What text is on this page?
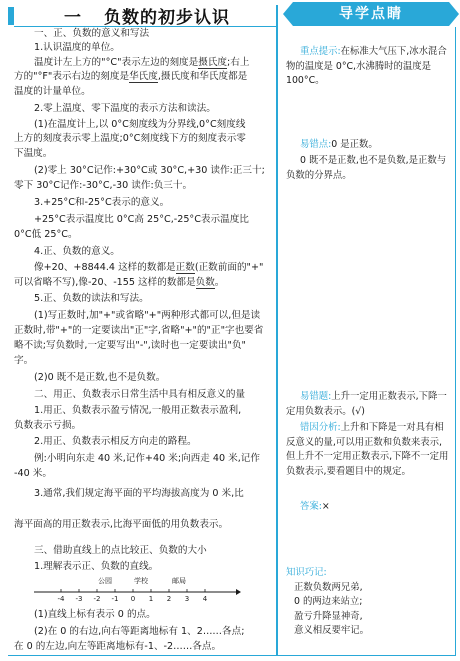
一 负数的初步认识	导学点睛
一、正、负数的意义和写法
1.认识温度的单位。
温度计左上方的"°C"表示左边的刻度是摄氏度;右上
方的"°F"表示右边的刻度是华氏度,摄氏度和华氏度都是
温度的计量单位。
2.零上温度、零下温度的表示方法和读法。
(1)在温度计上,以 0°C刻度线为分界线,0°C刻度线
上方的刻度表示零上温度;0°C刻度线下方的刻度表示零
下温度。
(2)零上 30°C记作:+30°C或 30°C,+30 读作:正三十;
零下 30°C记作:-30°C,-30 读作:负三十。
3.+25°C和-25°C表示的意义。
+25°C表示温度比 0°C高 25°C,-25°C表示温度比
0°C低 25°C。
4.正、负数的意义。
像+20、+8844.4 这样的数都是正数(正数前面的"+"
可以省略不写),像-20、-155 这样的数都是负数。
5.正、负数的读法和写法。
(1)写正数时,加"+"或省略"+"两种形式都可以,但是读
正数时,带"+"的一定要读出"正"字,省略"+"的"正"字也要省
略不读;写负数时,一定要写出"-",读时也一定要读出"负"
字。
(2)0 既不是正数,也不是负数。
二、用正、负数表示日常生活中具有相反意义的量
1.用正、负数表示盈亏情况,一般用正数表示盈利,
负数表示亏损。
2.用正、负数表示相反方向走的路程。
例:小明向东走 40 米,记作+40 米;向西走 40 米,记作
-40 米。
3.通常,我们规定海平面的平均海拔高度为 0 米,比
海平面高的用正数表示,比海平面低的用负数表示。
三、借助直线上的点比较正、负数的大小
1.理解表示正、负数的直线。
公园	学校	邮局
-4	-3	-2	-1	0	1	2	3	4
(1)直线上标有表示 0 的点。
(2)在 0 的右边,向右等距离地标有 1、2……各点;
在 0 的左边,向左等距离地标有-1、-2……各点。
重点提示:在标准大气压下,冰水混合物的温度是 0°C,水沸腾时的温度是 100°C。
易错点:0 是正数。
0 既不是正数,也不是负数,是正数与负数的分界点。
易错题:上升一定用正数表示,下降一定用负数表示。(√)
错因分析:上升和下降是一对具有相反意义的量,可以用正数和负数来表示,但上升不一定用正数表示,下降不一定用负数表示,要看题目中的规定。
答案:×
知识巧记:
正数负数两兄弟,
0 的两边来站立;
盈亏升降显神奇,
意义相反要牢记。
